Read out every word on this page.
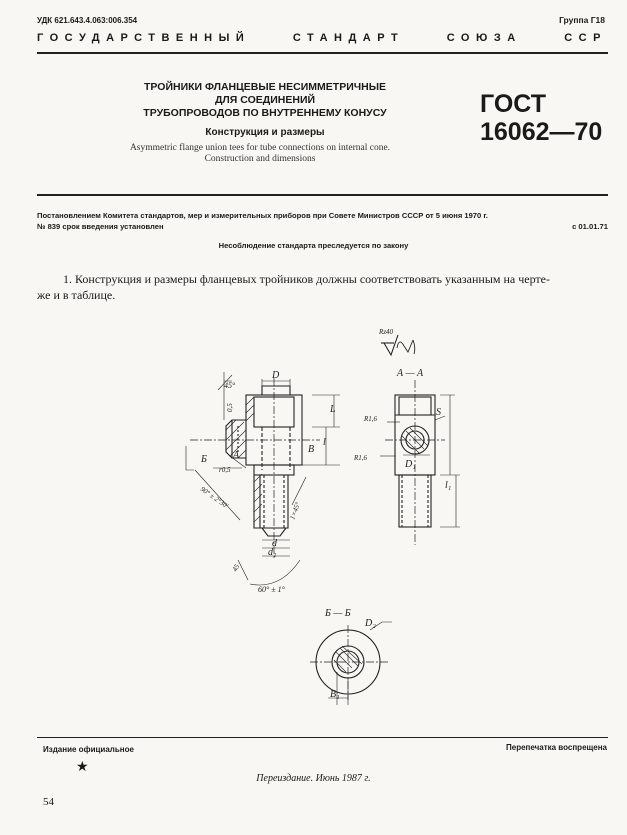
УДК 621.643.4.063:006.354	Группа Г18
ГОСУДАРСТВЕННЫЙ	СТАНДАРТ	СОЮЗА	ССР
ТРОЙНИКИ ФЛАНЦЕВЫЕ НЕСИММЕТРИЧНЫЕ
ДЛЯ СОЕДИНЕНИЙ
ТРУБОПРОВОДОВ ПО ВНУТРЕННЕМУ КОНУСУ
Конструкция и размеры
Asymmetric flange union tees for tube connections on internal cone.
Construction and dimensions
ГОСТ
16062—70
Постановлением Комитета стандартов, мер и измерительных приборов при Совете Министров СССР от 5 июня 1970 г.
№ 839 срок введения установлен	с 01.01.71
Несоблюдение стандарта преследуется по закону
1. Конструкция и размеры фланцевых тройников должны соответствовать указанным на черте-
же и в таблице.
Rz40
А — А
Б — Б
D
L
l
B
S
d
d₁
D₁
D₂
B₁
l₁
A
Б
R1,6
R1,6
45°
60° ± 1°
90° ± 2°30'
1×45°
r0,5
45
0,5
Издание официальное	Перепечатка воспрещена
★
Переиздание. Июнь 1987 г.
54
